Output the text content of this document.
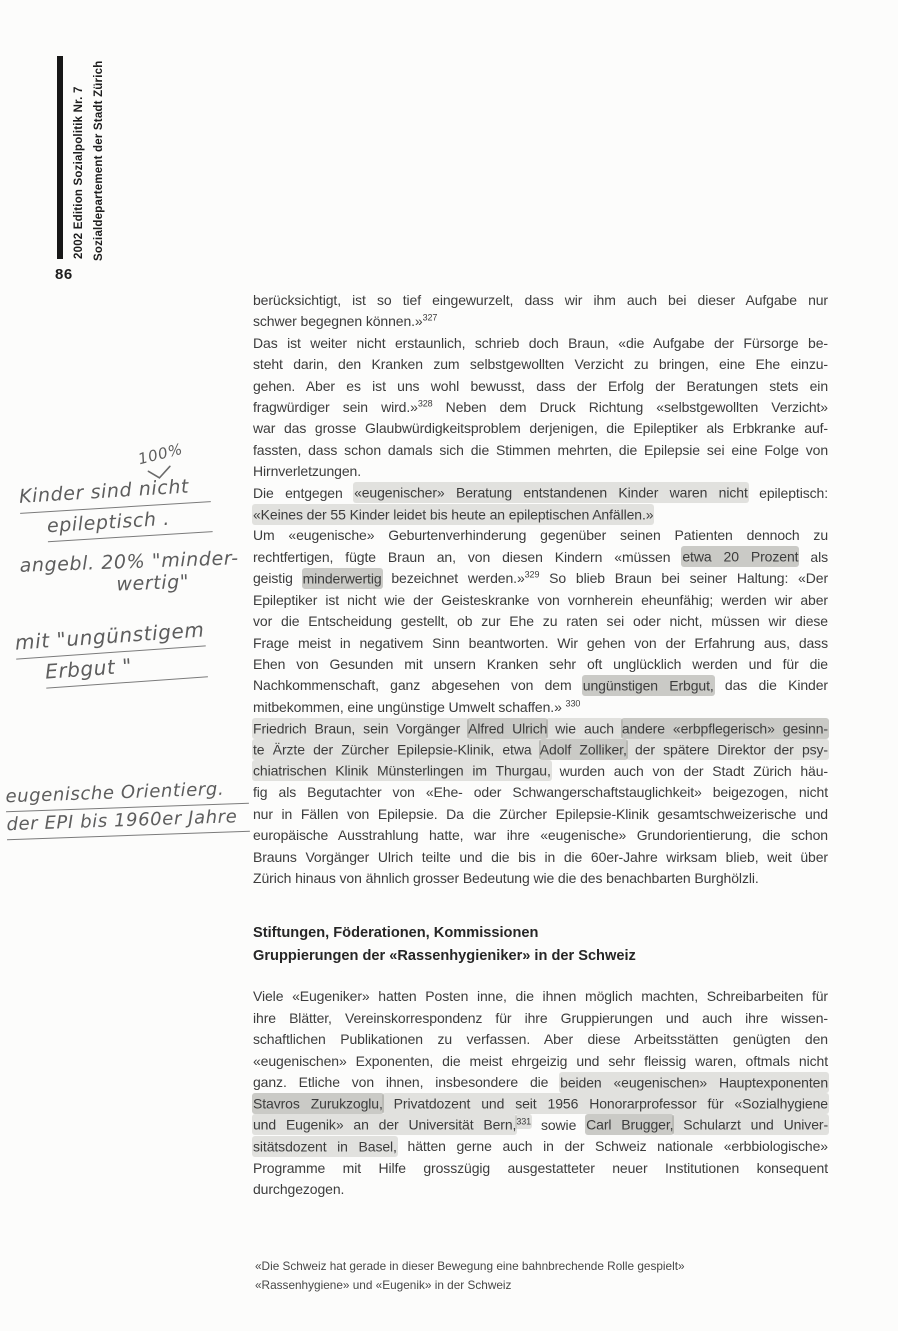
2002 Edition Sozialpolitik Nr. 7 Sozialdepartement der Stadt Zürich
86
100%
Kinder sind nicht
epileptisch .
angebl. 20% "minder-
wertig"
mit "ungünstigem
Erbgut "
eugenische Orientierg.
der EPI bis 1960er Jahre
berücksichtigt, ist so tief eingewurzelt, dass wir ihm auch bei dieser Aufgabe nur
schwer begegnen können.»$^{327}$
Das ist weiter nicht erstaunlich, schrieb doch Braun, «die Aufgabe der Fürsorge be-
steht darin, den Kranken zum selbstgewollten Verzicht zu bringen, eine Ehe einzu-
gehen. Aber es ist uns wohl bewusst, dass der Erfolg der Beratungen stets ein
fragwürdiger sein wird.»$^{328}$ Neben dem Druck Richtung «selbstgewollten Verzicht»
war das grosse Glaubwürdigkeitsproblem derjenigen, die Epileptiker als Erbkranke auf-
fassten, dass schon damals sich die Stimmen mehrten, die Epilepsie sei eine Folge von
Hirnverletzungen.
Die entgegen «eugenischer» Beratung entstandenen Kinder waren nicht epileptisch:
«Keines der 55 Kinder leidet bis heute an epileptischen Anfällen.»
Um «eugenische» Geburtenverhinderung gegenüber seinen Patienten dennoch zu
rechtfertigen, fügte Braun an, von diesen Kindern «müssen etwa 20 Prozent als
geistig minderwertig bezeichnet werden.»$^{329}$ So blieb Braun bei seiner Haltung: «Der
Epileptiker ist nicht wie der Geisteskranke von vornherein eheunfähig; werden wir aber
vor die Entscheidung gestellt, ob zur Ehe zu raten sei oder nicht, müssen wir diese
Frage meist in negativem Sinn beantworten. Wir gehen von der Erfahrung aus, dass
Ehen von Gesunden mit unsern Kranken sehr oft unglücklich werden und für die
Nachkommenschaft, ganz abgesehen von dem ungünstigen Erbgut, das die Kinder
mitbekommen, eine ungünstige Umwelt schaffen.» $^{330}$
Friedrich Braun, sein Vorgänger Alfred Ulrich wie auch andere «erbpflegerisch» gesinn-
te Ärzte der Zürcher Epilepsie-Klinik, etwa Adolf Zolliker, der spätere Direktor der psy-
chiatrischen Klinik Münsterlingen im Thurgau, wurden auch von der Stadt Zürich häu-
fig als Begutachter von «Ehe- oder Schwangerschaftstauglichkeit» beigezogen, nicht
nur in Fällen von Epilepsie. Da die Zürcher Epilepsie-Klinik gesamtschweizerische und
europäische Ausstrahlung hatte, war ihre «eugenische» Grundorientierung, die schon
Brauns Vorgänger Ulrich teilte und die bis in die 60er-Jahre wirksam blieb, weit über
Zürich hinaus von ähnlich grosser Bedeutung wie die des benachbarten Burghölzli.
Stiftungen, Föderationen, Kommissionen
Gruppierungen der «Rassenhygieniker» in der Schweiz
Viele «Eugeniker» hatten Posten inne, die ihnen möglich machten, Schreibarbeiten für
ihre Blätter, Vereinskorrespondenz für ihre Gruppierungen und auch ihre wissen-
schaftlichen Publikationen zu verfassen. Aber diese Arbeitsstätten genügten den
«eugenischen» Exponenten, die meist ehrgeizig und sehr fleissig waren, oftmals nicht
ganz. Etliche von ihnen, insbesondere die beiden «eugenischen» Hauptexponenten
Stavros Zurukzoglu, Privatdozent und seit 1956 Honorarprofessor für «Sozialhygiene
und Eugenik» an der Universität Bern,$^{331}$ sowie Carl Brugger, Schularzt und Univer-
sitätsdozent in Basel, hätten gerne auch in der Schweiz nationale «erbbiologische»
Programme mit Hilfe grosszügig ausgestatteter neuer Institutionen konsequent
durchgezogen.
«Die Schweiz hat gerade in dieser Bewegung eine bahnbrechende Rolle gespielt»
«Rassenhygiene» und «Eugenik» in der Schweiz
